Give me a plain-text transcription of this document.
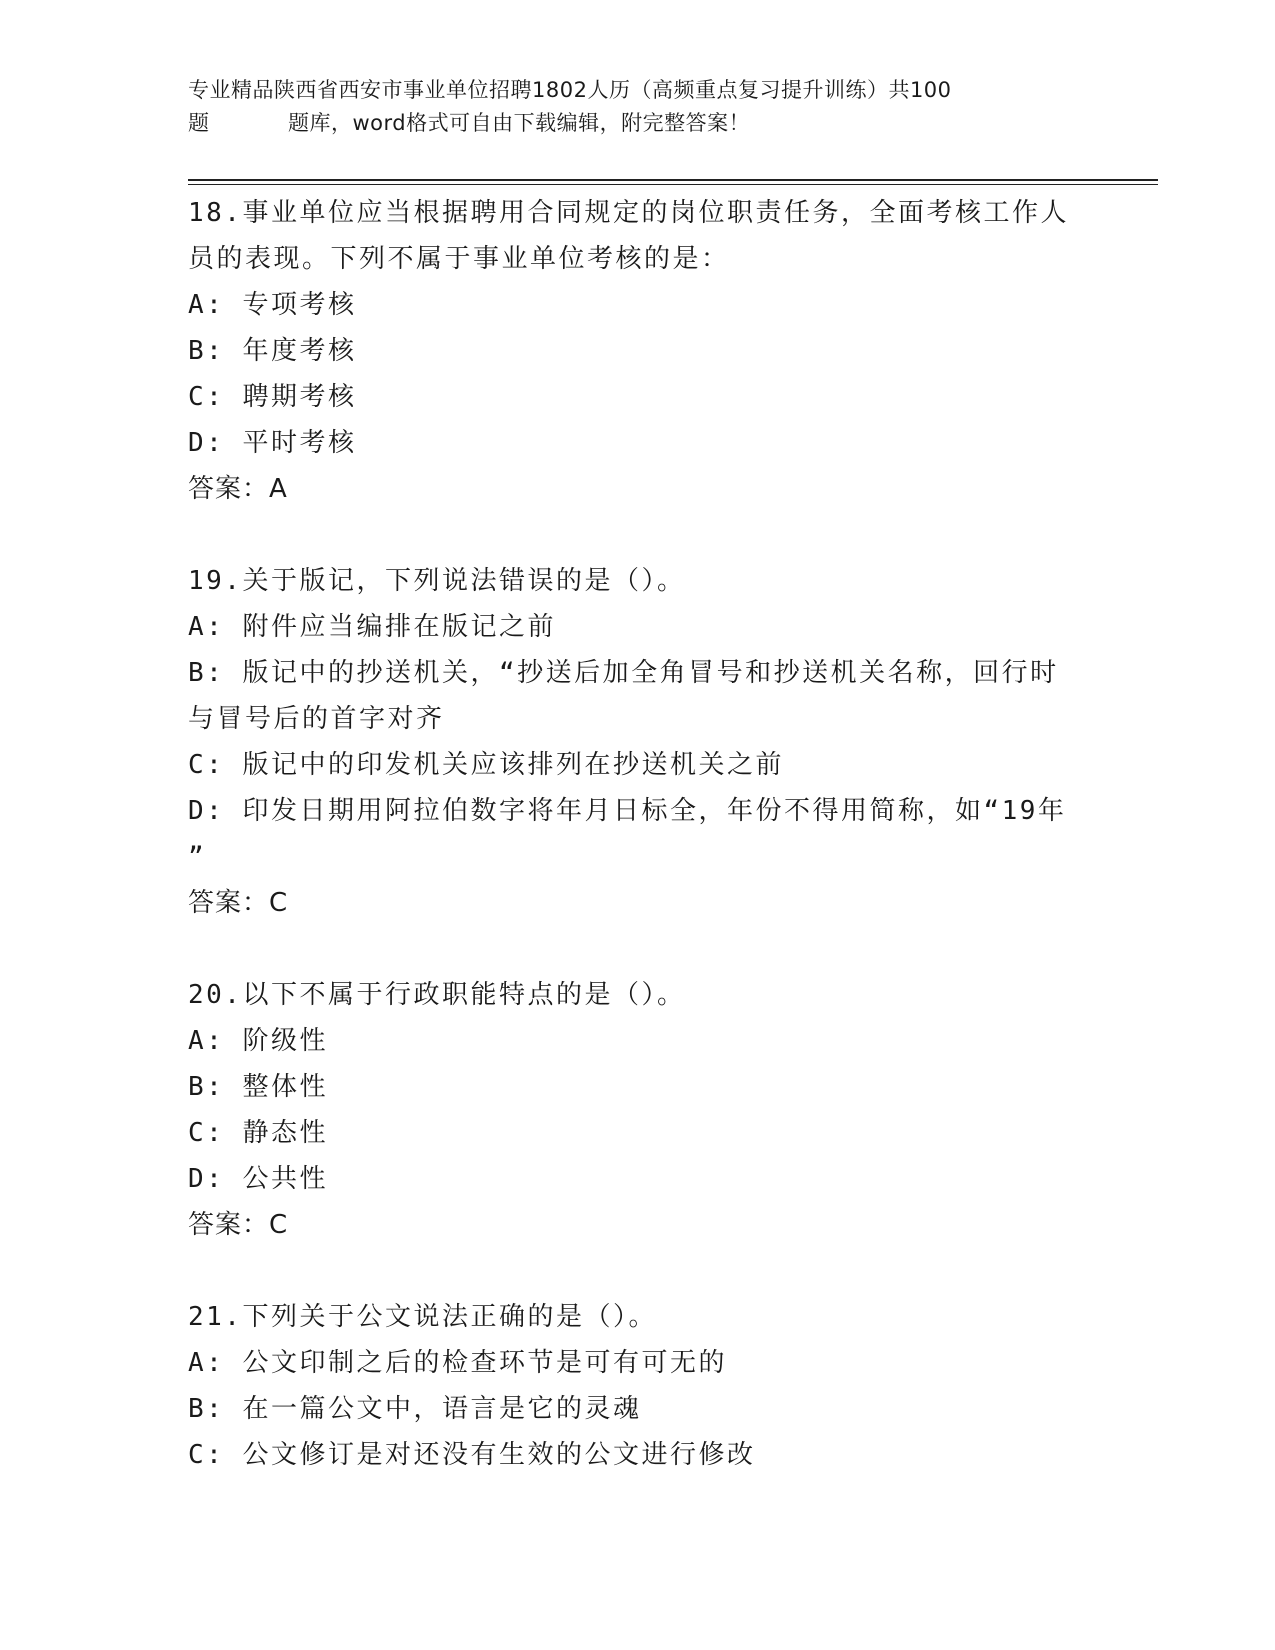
专业精品陕西省西安市事业单位招聘1802人历（高频重点复习提升训练）共100
题	题库，word格式可自由下载编辑，附完整答案！
18.事业单位应当根据聘用合同规定的岗位职责任务，全面考核工作人
员的表现。下列不属于事业单位考核的是：
A: 专项考核
B: 年度考核
C: 聘期考核
D: 平时考核
答案：A
19.关于版记，下列说法错误的是（）。
A: 附件应当编排在版记之前
B: 版记中的抄送机关，“抄送后加全角冒号和抄送机关名称，回行时
与冒号后的首字对齐
C: 版记中的印发机关应该排列在抄送机关之前
D: 印发日期用阿拉伯数字将年月日标全，年份不得用简称，如“19年
”
答案：C
20.以下不属于行政职能特点的是（）。
A: 阶级性
B: 整体性
C: 静态性
D: 公共性
答案：C
21.下列关于公文说法正确的是（）。
A: 公文印制之后的检查环节是可有可无的
B: 在一篇公文中，语言是它的灵魂
C: 公文修订是对还没有生效的公文进行修改
